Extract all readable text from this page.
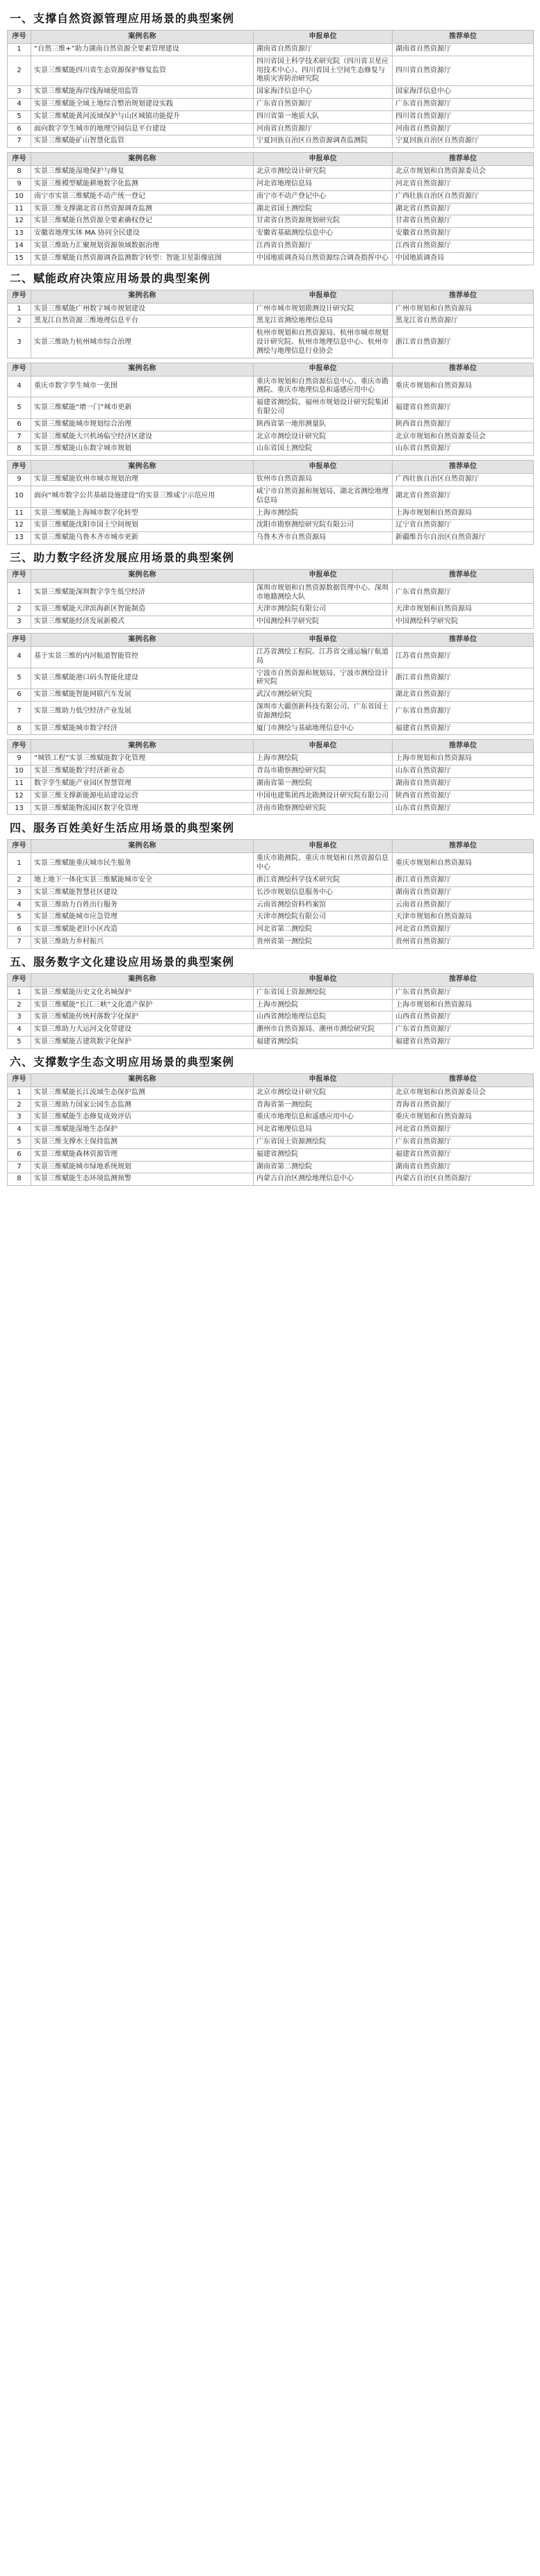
一、支撑自然资源管理应用场景的典型案例
序号	案例名称	申报单位	推荐单位
1	“自然三维+”助力湖南自然资源全要素管理建设	湖南省自然资源厅	湖南省自然资源厅
2	实景三维赋能四川省生态资源保护修复监管	四川省国土科学技术研究院（四川省卫星应用技术中心）、四川省国土空间生态修复与地质灾害防治研究院	四川省自然资源厅
3	实景三维赋能海岸线海域使用监管	国家海洋信息中心	国家海洋信息中心
4	实景三维赋能全域土地综合整治规划建设实践	广东省自然资源厅	广东省自然资源厅
5	实景三维赋能黄河流域保护与山区城镇功能提升	四川省第一地质大队	四川省自然资源厅
6	面向数字孪生城市的地理空间信息平台建设	河南省自然资源厅	河南省自然资源厅
7	实景三维赋能矿山智慧化监管	宁夏回族自治区自然资源调查监测院	宁夏回族自治区自然资源厅
序号	案例名称	申报单位	推荐单位
8	实景三维赋能湿地保护与修复	北京市测绘设计研究院	北京市规划和自然资源委员会
9	实景三维模型赋能耕地数字化监测	河北省地理信息局	河北省自然资源厅
10	南宁市实景三维赋能不动产统一登记	南宁市不动产登记中心	广西壮族自治区自然资源厅
11	实景三维支撑湖北省自然资源调查监测	湖北省国土测绘院	湖北省自然资源厅
12	实景三维赋能自然资源全要素确权登记	甘肃省自然资源规划研究院	甘肃省自然资源厅
13	安徽省地理实体 MA 协同全民建设	安徽省基础测绘信息中心	安徽省自然资源厅
14	实景三维助力汇聚规划资源领域数据治理	江西省自然资源厅	江西省自然资源厅
15	实景三维赋能自然资源调查监测数字转型：智能卫星影像底图	中国地质调查局自然资源综合调查指挥中心	中国地质调查局
二、赋能政府决策应用场景的典型案例
序号	案例名称	申报单位	推荐单位
1	实景三维赋能广州数字城市规划建设	广州市城市规划勘测设计研究院	广州市规划和自然资源局
2	黑龙江自然资源三维地理信息平台	黑龙江省测绘地理信息局	黑龙江省自然资源厅
3	实景三维助力杭州城市综合治理	杭州市规划和自然资源局、杭州市城市规划设计研究院、杭州市地理信息中心、杭州市测绘与地理信息行业协会	浙江省自然资源厅
序号	案例名称	申报单位	推荐单位
4	重庆市数字孪生城市一张图	重庆市规划和自然资源信息中心、重庆市勘测院、重庆市地理信息和遥感应用中心	重庆市规划和自然资源局
5	实景三维赋能“增一门”城市更新	福建省测绘院、福州市规划设计研究院集团有限公司	福建省自然资源厅
6	实景三维赋能城市规划综合治理	陕西省第一地形测量队	陕西省自然资源厅
7	实景三维赋能大兴机场临空经济区建设	北京市测绘设计研究院	北京市规划和自然资源委员会
8	实景三维赋能山东数字城市规划	山东省国土测绘院	山东省自然资源厅
序号	案例名称	申报单位	推荐单位
9	实景三维赋能钦州市城市规划治理	钦州市自然资源局	广西壮族自治区自然资源厅
10	面向“城市数字公共基础设施建设”的实景三维咸宁示范应用	咸宁市自然资源和规划局、湖北省测绘地理信息局	湖北省自然资源厅
11	实景三维赋能上海城市数字化转型	上海市测绘院	上海市规划和自然资源局
12	实景三维赋能沈阳市国土空间规划	沈阳市勘察测绘研究院有限公司	辽宁省自然资源厅
13	实景三维赋能乌鲁木齐市城市更新	乌鲁木齐市自然资源局	新疆维吾尔自治区自然资源厅
三、助力数字经济发展应用场景的典型案例
序号	案例名称	申报单位	推荐单位
1	实景三维赋能深圳数字孪生低空经济	深圳市规划和自然资源数据管理中心、深圳市地籍测绘大队	广东省自然资源厅
2	实景三维赋能天津滨海新区智能制造	天津市测绘院有限公司	天津市规划和自然资源局
3	实景三维赋能经济发展新模式	中国测绘科学研究院	中国测绘科学研究院
序号	案例名称	申报单位	推荐单位
4	基于实景三维的内河航道智能管控	江苏省测绘工程院、江苏省交通运输厅航道局	江苏省自然资源厅
5	实景三维赋能港口码头智能化建设	宁波市自然资源和规划局、宁波市测绘设计研究院	浙江省自然资源厅
6	实景三维赋能智能网联汽车发展	武汉市测绘研究院	湖北省自然资源厅
7	实景三维助力低空经济产业发展	深圳市大疆创新科技有限公司、广东省国土资源测绘院	广东省自然资源厅
8	实景三维赋能城市数字经济	厦门市测绘与基础地理信息中心	福建省自然资源厅
序号	案例名称	申报单位	推荐单位
9	“城铁工程”实景三维赋能数字化管理	上海市测绘院	上海市规划和自然资源局
10	实景三维赋能数字经济新业态	青岛市勘察测绘研究院	山东省自然资源厅
11	数字孪生赋能产业园区智慧管理	湖南省第一测绘院	湖南省自然资源厅
12	实景三维支撑新能源电站建设运营	中国电建集团西北勘测设计研究院有限公司	陕西省自然资源厅
13	实景三维赋能物流园区数字化管理	济南市勘察测绘研究院	山东省自然资源厅
四、服务百姓美好生活应用场景的典型案例
序号	案例名称	申报单位	推荐单位
1	实景三维赋能重庆城市民生服务	重庆市勘测院、重庆市规划和自然资源信息中心	重庆市规划和自然资源局
2	地上地下一体化实景三维赋能城市安全	浙江省测绘科学技术研究院	浙江省自然资源厅
3	实景三维赋能智慧社区建设	长沙市规划信息服务中心	湖南省自然资源厅
4	实景三维助力百姓出行服务	云南省测绘资料档案馆	云南省自然资源厅
5	实景三维赋能城市应急管理	天津市测绘院有限公司	天津市规划和自然资源局
6	实景三维赋能老旧小区改造	河北省第二测绘院	河北省自然资源厅
7	实景三维助力乡村振兴	贵州省第一测绘院	贵州省自然资源厅
五、服务数字文化建设应用场景的典型案例
序号	案例名称	申报单位	推荐单位
1	实景三维赋能历史文化名城保护	广东省国土资源测绘院	广东省自然资源厅
2	实景三维赋能“长江三峡”文化遗产保护	上海市测绘院	上海市规划和自然资源局
3	实景三维赋能传统村落数字化保护	山西省测绘地理信息院	山西省自然资源厅
4	实景三维助力大运河文化带建设	潮州市自然资源局、潮州市测绘研究院	广东省自然资源厅
5	实景三维赋能古建筑数字化保护	福建省测绘院	福建省自然资源厅
六、支撑数字生态文明应用场景的典型案例
序号	案例名称	申报单位	推荐单位
1	实景三维赋能长江流域生态保护监测	北京市测绘设计研究院	北京市规划和自然资源委员会
2	实景三维助力国家公园生态监测	青海省第一测绘院	青海省自然资源厅
3	实景三维赋能生态修复成效评估	重庆市地理信息和遥感应用中心	重庆市规划和自然资源局
4	实景三维赋能湿地生态保护	河北省地理信息局	河北省自然资源厅
5	实景三维支撑水土保持监测	广东省国土资源测绘院	广东省自然资源厅
6	实景三维赋能森林资源管理	福建省测绘院	福建省自然资源厅
7	实景三维赋能城市绿地系统规划	湖南省第二测绘院	湖南省自然资源厅
8	实景三维赋能生态环境监测预警	内蒙古自治区测绘地理信息中心	内蒙古自治区自然资源厅
